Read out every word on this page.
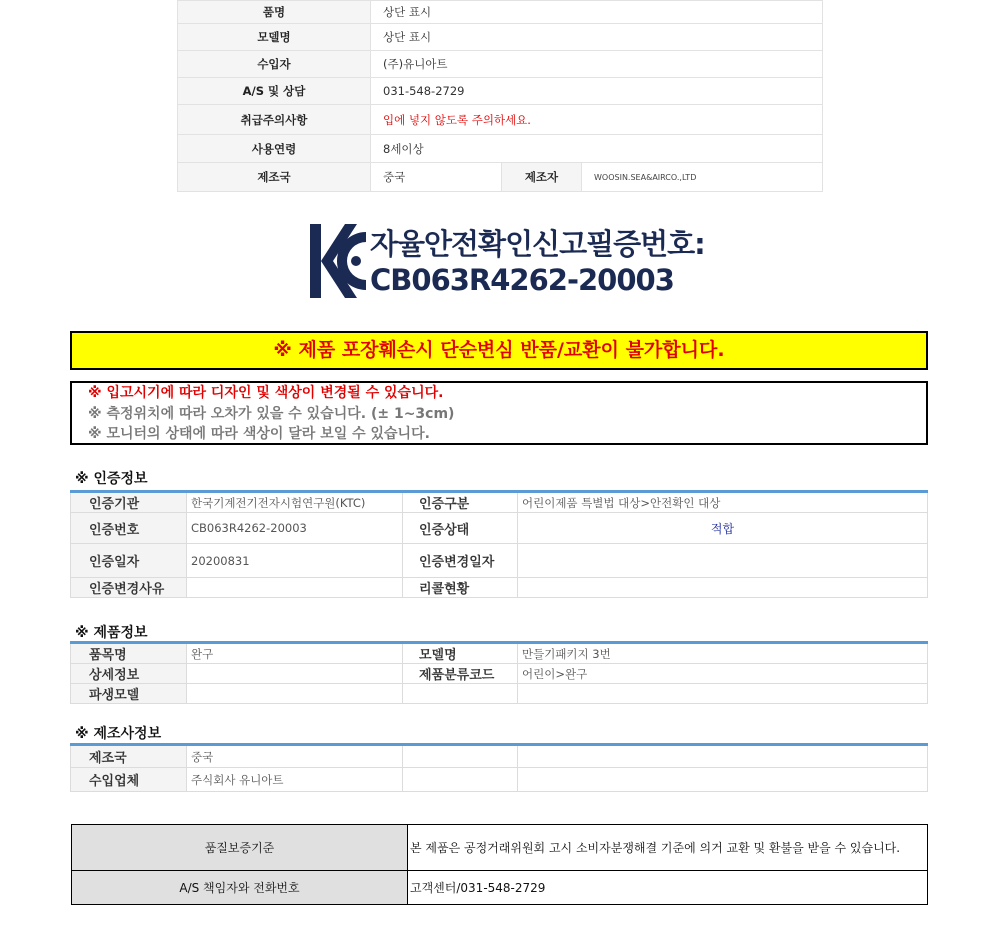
품명	상단 표시		
모델명	상단 표시		
수입자	(주)유니아트		
A/S 및 상담	031-548-2729		
취급주의사항	입에 넣지 않도록 주의하세요.		
사용연령	8세이상		
제조국	중국	제조자	WOOSIN.SEA&AIRCO.,LTD
자율안전확인신고필증번호:
CB063R4262-20003
※ 제품 포장훼손시 단순변심 반품/교환이 불가합니다.
※ 입고시기에 따라 디자인 및 색상이 변경될 수 있습니다.
※ 측정위치에 따라 오차가 있을 수 있습니다. (± 1~3cm)
※ 모니터의 상태에 따라 색상이 달라 보일 수 있습니다.
※ 인증정보
인증기관	한국기계전기전자시험연구원(KTC)	인증구분	어린이제품 특별법 대상>안전확인 대상
인증번호	CB063R4262-20003	인증상태	적합
인증일자	20200831	인증변경일자	
인증변경사유		리콜현황	
※ 제품정보
품목명	완구	모델명	만들기패키지 3번
상세정보		제품분류코드	어린이>완구
파생모델			
※ 제조사정보
제조국	중국		
수입업체	주식회사 유니아트		
품질보증기준	본 제품은 공정거래위원회 고시 소비자분쟁해결 기준에 의거 교환 및 환불을 받을 수 있습니다.
A/S 책임자와 전화번호	고객센터/031-548-2729
